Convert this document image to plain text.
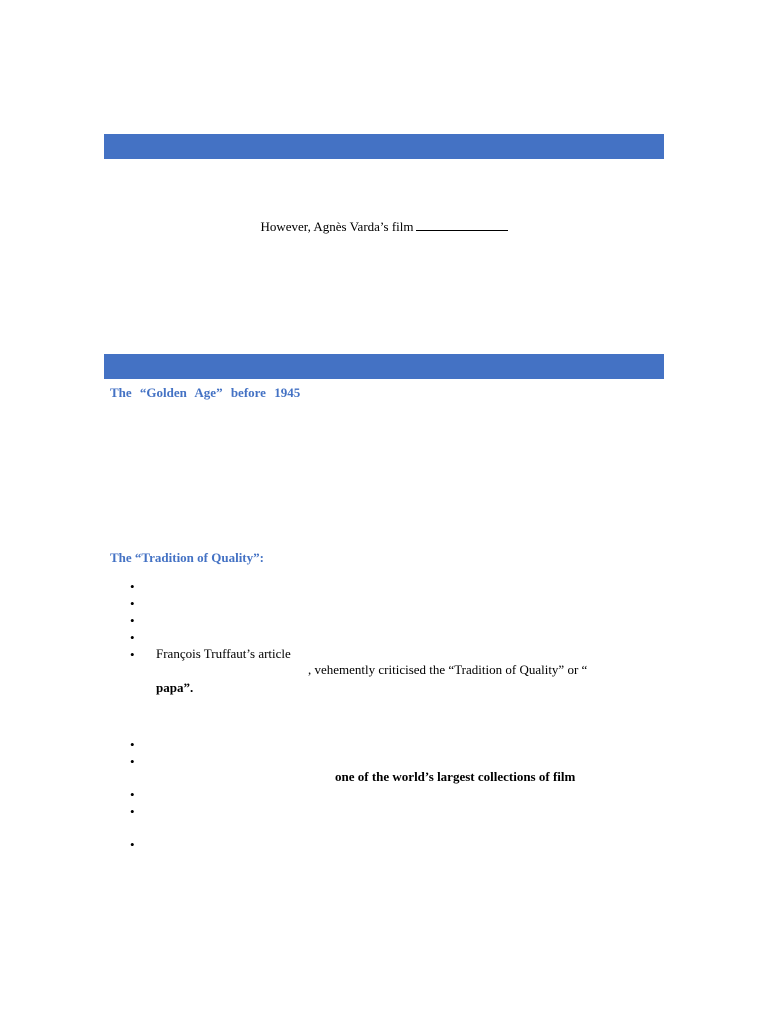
However, Agnès Varda’s film
The “Golden Age” before 1945
The “Tradition of Quality”:
•
•
•
•
• François Truffaut’s article
, vehemently criticised the “Tradition of Quality” or “
papa”.
•
•
one of the world’s largest collections of film
•
•
•
